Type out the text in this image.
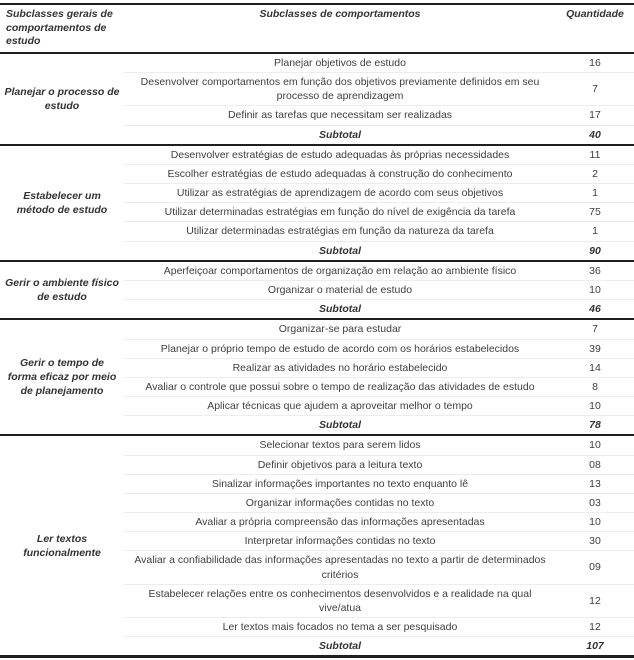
Subclasses gerais de comportamentos de estudo	Subclasses de comportamentos	Quantidade
Planejar o processo de estudo	Planejar objetivos de estudo	16
	Desenvolver comportamentos em função dos objetivos previamente definidos em seu processo de aprendizagem	7
	Definir as tarefas que necessitam ser realizadas	17
	Subtotal	40
Estabelecer um método de estudo	Desenvolver estratégias de estudo adequadas às próprias necessidades	11
	Escolher estratégias de estudo adequadas à construção do conhecimento	2
	Utilizar as estratégias de aprendizagem de acordo com seus objetivos	1
	Utilizar determinadas estratégias em função do nível de exigência da tarefa	75
	Utilizar determinadas estratégias em função da natureza da tarefa	1
	Subtotal	90
Gerir o ambiente físico de estudo	Aperfeiçoar comportamentos de organização em relação ao ambiente físico	36
	Organizar o material de estudo	10
	Subtotal	46
Gerir o tempo de forma eficaz por meio de planejamento	Organizar-se para estudar	7
	Planejar o próprio tempo de estudo de acordo com os horários estabelecidos	39
	Realizar as atividades no horário estabelecido	14
	Avaliar o controle que possui sobre o tempo de realização das atividades de estudo	8
	Aplicar técnicas que ajudem a aproveitar melhor o tempo	10
	Subtotal	78
Ler textos funcionalmente	Selecionar textos para serem lidos	10
	Definir objetivos para a leitura texto	08
	Sinalizar informações importantes no texto enquanto lê	13
	Organizar informações contidas no texto	03
	Avaliar a própria compreensão das informações apresentadas	10
	Interpretar informações contidas no texto	30
	Avaliar a confiabilidade das informações apresentadas no texto a partir de determinados critérios	09
	Estabelecer relações entre os conhecimentos desenvolvidos e a realidade na qual vive/atua	12
	Ler textos mais focados no tema a ser pesquisado	12
	Subtotal	107
